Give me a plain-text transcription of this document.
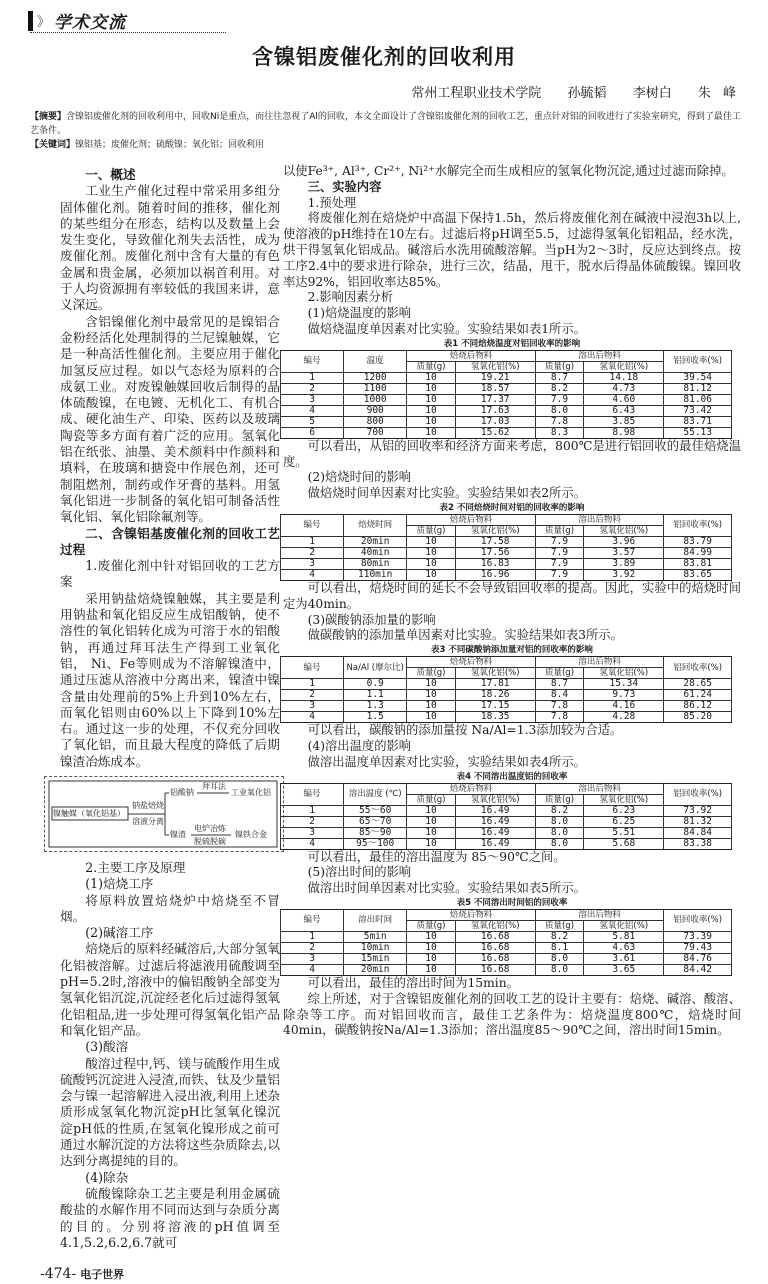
》 学术交流
含镍铝废催化剂的回收利用
常州工程职业技术学院 孙毓韬 李树白 朱 峰
【摘要】含镍铝废催化剂的回收利用中，回收Ni是重点，而往往忽视了Al的回收，本文全面设计了含镍铝废催化剂的回收工艺，重点针对铝的回收进行了实验室研究，得到了最佳工艺条件。
【关键词】镍铝基；废催化剂；硫酸镍；氧化铝；回收利用

一、概述

工业生产催化过程中常采用多组分固体催化剂。随着时间的推移，催化剂的某些组分在形态，结构以及数量上会发生变化，导致催化剂失去活性，成为废催化剂。废催化剂中含有大量的有色金属和贵金属，必须加以祸首利用。对于人均资源拥有率较低的我国来讲，意义深远。

含铝镍催化剂中最常见的是镍铝合金粉经活化处理制得的兰尼镍触媒，它是一种高活性催化剂。主要应用于催化加氢反应过程。如以气态烃为原料的合成氨工业。对废镍触媒回收后制得的晶体硫酸镍，在电镀、无机化工、有机合成、硬化油生产、印染、医药以及玻璃陶瓷等多方面有着广泛的应用。氢氧化铝在纸张、油墨、美术颜料中作颜料和填料，在玻璃和搪瓷中作展色剂，还可制阻燃剂，制药或作牙膏的基料。用氢氧化铝进一步制备的氧化铝可制备活性氧化铝、氧化铝除氟剂等。

二、含镍铝基废催化剂的回收工艺过程

1.废催化剂中针对铝回收的工艺方案

采用钠盐焙烧镍触媒，其主要是利用钠盐和氧化铝反应生成铝酸钠，使不溶性的氧化铝转化成为可溶于水的铝酸钠，再通过拜耳法生产得到工业氧化铝， Ni、Fe等则成为不溶解镍渣中，通过压滤从溶液中分离出来，镍渣中镍含量由处理前的5%上升到10%左右，而氧化铝则由60%以上下降到10%左右。通过这一步的处理，不仅充分回收了氧化铝，而且最大程度的降低了后期镍渣冶炼成本。

镍触媒（氧化铝基）
钠盐焙烧
溶液分离
铝酸钠
拜耳法
工业氧化铝
镍渣
电炉冶炼
脱硫脱碳
镍铁合金

2.主要工序及原理

(1)焙烧工序

将原料放置焙烧炉中焙烧至不冒烟。

(2)碱溶工序

焙烧后的原料经碱溶后,大部分氢氧化铝被溶解。过滤后将滤液用硫酸调至pH=5.2时,溶液中的偏铝酸钠全部变为氢氧化铝沉淀,沉淀经老化后过滤得氢氧化铝粗品,进一步处理可得氢氧化铝产品和氧化铝产品。

(3)酸溶

酸溶过程中,钙、镁与硫酸作用生成硫酸钙沉淀进入浸渣,而铁、钛及少量铝会与镍一起溶解进入浸出液,利用上述杂质形成氢氧化物沉淀pH比氢氧化镍沉淀pH低的性质,在氢氧化镍形成之前可通过水解沉淀的方法将这些杂质除去,以达到分离提纯的目的。

(4)除杂

硫酸镍除杂工艺主要是利用金属硫酸盐的水解作用不同而达到与杂质分离的目的。分别将溶液的pH值调至4.1,5.2,6.2,6.7就可

-474- 电子世界

以使Fe³⁺, Al³⁺, Cr²⁺, Ni²⁺水解完全而生成相应的氢氧化物沉淀,通过过滤而除掉。

三、实验内容

1.预处理

将废催化剂在焙烧炉中高温下保持1.5h，然后将废催化剂在碱液中浸泡3h以上,使溶液的pH维持在10左右。过滤后将pH调至5.5，过滤得氢氧化铝粗品，经水洗，烘干得氢氧化铝成品。碱溶后水洗用硫酸溶解。当pH为2～3时，反应达到终点。按工序2.4中的要求进行除杂，进行三次，结晶，甩干，脱水后得晶体硫酸镍。镍回收率达92%，铝回收率达85%。

2.影响因素分析

(1)焙烧温度的影响

做焙烧温度单因素对比实验。实验结果如表1所示。

表1 不同焙烧温度对铝回收率的影响
编号	温度	焙烧后物料		溶出后物料		铝回收率(%)
		质量(g)	氢氧化铝(%)	质量(g)	氢氧化铝(%)	
1	1200	10	19.21	8.7	14.18	39.54
2	1100	10	18.57	8.2	4.73	81.12
3	1000	10	17.37	7.9	4.60	81.06
4	900	10	17.63	8.0	6.43	73.42
5	800	10	17.03	7.8	3.85	83.71
6	700	10	15.62	8.3	8.98	55.13

可以看出，从铝的回收率和经济方面来考虑，800℃是进行铝回收的最佳焙烧温度。

(2)焙烧时间的影响

做焙烧时间单因素对比实验。实验结果如表2所示。

表2 不同焙烧时间对铝的回收率的影响
编号	焙烧时间	焙烧后物料		溶出后物料		铝回收率(%)
		质量(g)	氢氧化铝(%)	质量(g)	氢氧化铝(%)	
1	20min	10	17.58	7.9	3.96	83.79
2	40min	10	17.56	7.9	3.57	84.99
3	80min	10	16.83	7.9	3.89	83.81
4	110min	10	16.96	7.9	3.92	83.65

可以看出，焙烧时间的延长不会导致铝回收率的提高。因此，实验中的焙烧时间定为40min。

(3)碳酸钠添加量的影响

做碳酸钠的添加量单因素对比实验。实验结果如表3所示。

表3 不同碳酸钠添加量对铝的回收率的影响
编号	Na/Al (摩尔比)	焙烧后物料		溶出后物料		铝回收率(%)
		质量(g)	氢氧化铝(%)	质量(g)	氢氧化铝(%)	
1	0.9	10	17.81	8.7	15.34	28.65
2	1.1	10	18.26	8.4	9.73	61.24
3	1.3	10	17.15	7.8	4.16	86.12
4	1.5	10	18.35	7.8	4.28	85.20

可以看出，碳酸钠的添加量按 Na/Al=1.3添加较为合适。

(4)溶出温度的影响

做溶出温度单因素对比实验，实验结果如表4所示。

表4 不同溶出温度铝的回收率
编号	溶出温度 (℃)	焙烧后物料		溶出后物料		铝回收率(%)
		质量(g)	氢氧化铝(%)	质量(g)	氢氧化铝(%)	
1	55～60	10	16.49	8.2	6.23	73.92
2	65～70	10	16.49	8.0	6.25	81.32
3	85～90	10	16.49	8.0	5.51	84.84
4	95～100	10	16.49	8.0	5.68	83.38

可以看出，最佳的溶出温度为 85～90℃之间。

(5)溶出时间的影响

做溶出时间单因素对比实验。实验结果如表5所示。

表5 不同溶出时间铝的回收率
编号	溶出时间	焙烧后物料		溶出后物料		铝回收率(%)
		质量(g)	氢氧化铝(%)	质量(g)	氢氧化铝(%)	
1	5min	10	16.68	8.2	5.81	73.39
2	10min	10	16.68	8.1	4.63	79.43
3	15min	10	16.68	8.0	3.61	84.76
4	20min	10	16.68	8.0	3.65	84.42

可以看出，最佳的溶出时间为15min。

综上所述，对于含镍铝废催化剂的回收工艺的设计主要有：焙烧、碱溶、酸溶、除杂等工序。而对铝回收而言，最佳工艺条件为：焙烧温度800℃，焙烧时间40min，碳酸钠按Na/Al=1.3添加；溶出温度85～90℃之间，溶出时间15min。
